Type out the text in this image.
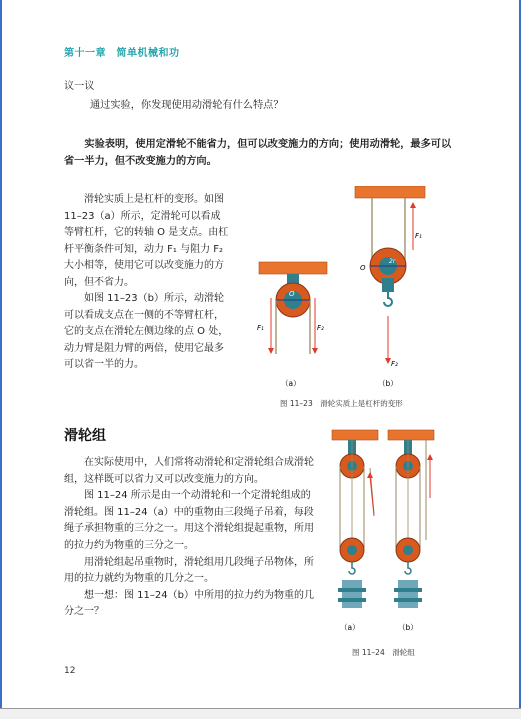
第十一章　简单机械和功
议一议
通过实验，你发现使用动滑轮有什么特点？
实验表明，使用定滑轮不能省力，但可以改变施力的方向；使用动滑轮，最多可以省一半力，但不改变施力的方向。
滑轮实质上是杠杆的变形。如图 11–23（a）所示，定滑轮可以看成等臂杠杆，它的转轴 O 是支点。由杠杆平衡条件可知，动力 F₁ 与阻力 F₂ 大小相等，使用它可以改变施力的方向，但不省力。
如图 11–23（b）所示，动滑轮可以看成支点在一侧的不等臂杠杆，它的支点在滑轮左侧边缘的点 O 处，动力臂是阻力臂的两倍，使用它最多可以省一半的力。
F₁	F₂
O
（a）
F₁
O
2r
F₂
（b）
图 11–23　滑轮实质上是杠杆的变形
滑轮组
在实际使用中，人们常将动滑轮和定滑轮组合成滑轮组，这样既可以省力又可以改变施力的方向。
图 11–24 所示是由一个动滑轮和一个定滑轮组成的滑轮组。图 11–24（a）中的重物由三段绳子吊着，每段绳子承担物重的三分之一。用这个滑轮组提起重物，所用的拉力约为物重的三分之一。
用滑轮组起吊重物时，滑轮组用几段绳子吊物体，所用的拉力就约为物重的几分之一。
想一想：图 11–24（b）中所用的拉力约为物重的几分之一？
（a）	（b）
图 11–24　滑轮组
12
